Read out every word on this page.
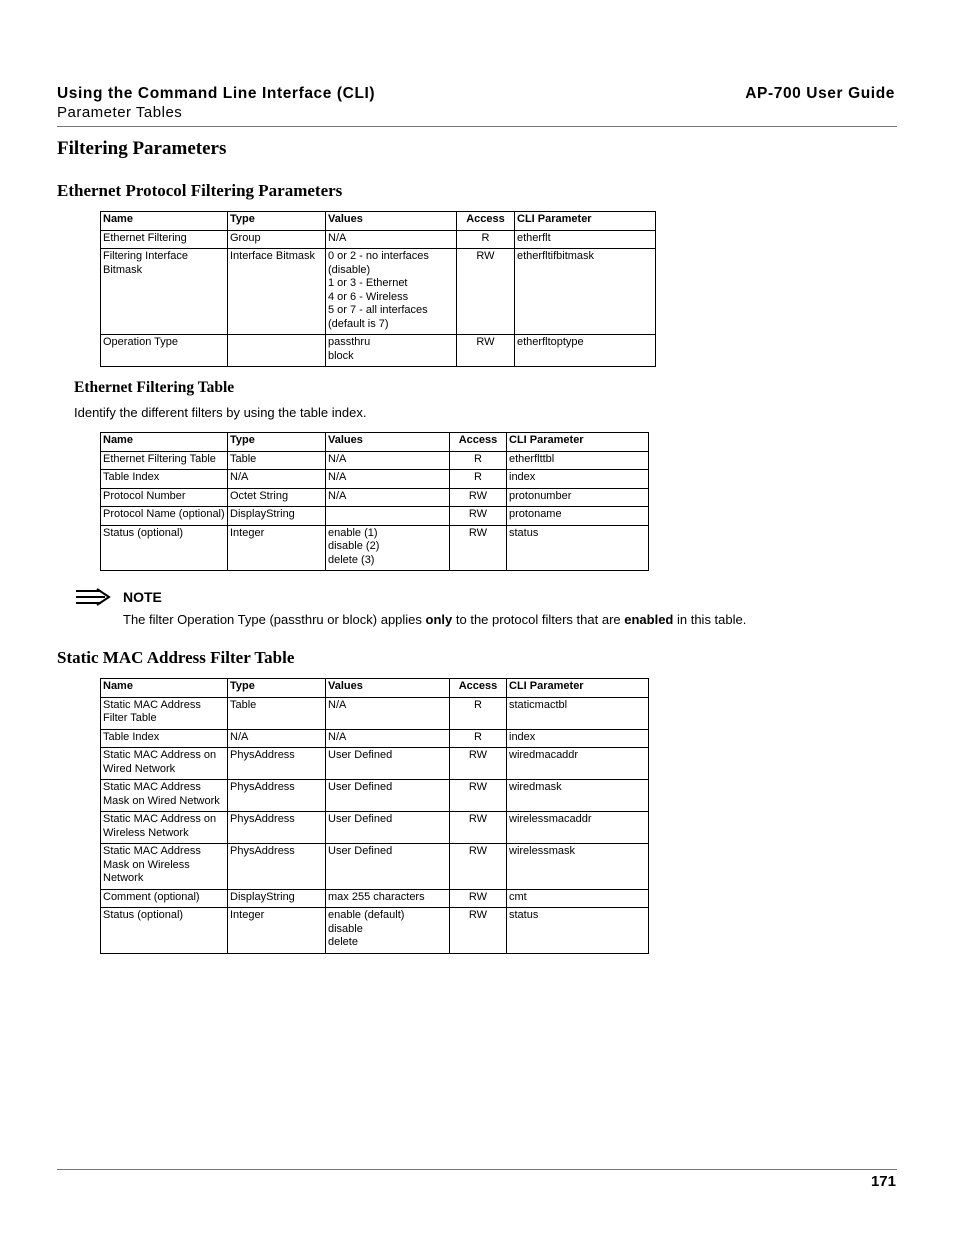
Using the Command Line Interface (CLI)
Parameter Tables
AP-700 User Guide
Filtering Parameters
Ethernet Protocol Filtering Parameters
Name	Type	Values	Access	CLI Parameter
Ethernet Filtering	Group	N/A	R	etherflt
Filtering Interface Bitmask	Interface Bitmask	0 or 2 - no interfaces (disable)
1 or 3 - Ethernet
4 or 6 - Wireless
5 or 7 - all interfaces (default is 7)	RW	etherfltifbitmask
Operation Type		passthru
block	RW	etherfltoptype
Ethernet Filtering Table
Identify the different filters by using the table index.
Name	Type	Values	Access	CLI Parameter
Ethernet Filtering Table	Table	N/A	R	etherflttbl
Table Index	N/A	N/A	R	index
Protocol Number	Octet String	N/A	RW	protonumber
Protocol Name (optional)	DisplayString		RW	protoname
Status (optional)	Integer	enable (1)
disable (2)
delete (3)	RW	status
NOTE
The filter Operation Type (passthru or block) applies only to the protocol filters that are enabled in this table.
Static MAC Address Filter Table
Name	Type	Values	Access	CLI Parameter
Static MAC Address Filter Table	Table	N/A	R	staticmactbl
Table Index	N/A	N/A	R	index
Static MAC Address on Wired Network	PhysAddress	User Defined	RW	wiredmacaddr
Static MAC Address Mask on Wired Network	PhysAddress	User Defined	RW	wiredmask
Static MAC Address on Wireless Network	PhysAddress	User Defined	RW	wirelessmacaddr
Static MAC Address Mask on Wireless Network	PhysAddress	User Defined	RW	wirelessmask
Comment (optional)	DisplayString	max 255 characters	RW	cmt
Status (optional)	Integer	enable (default)
disable
delete	RW	status
171
